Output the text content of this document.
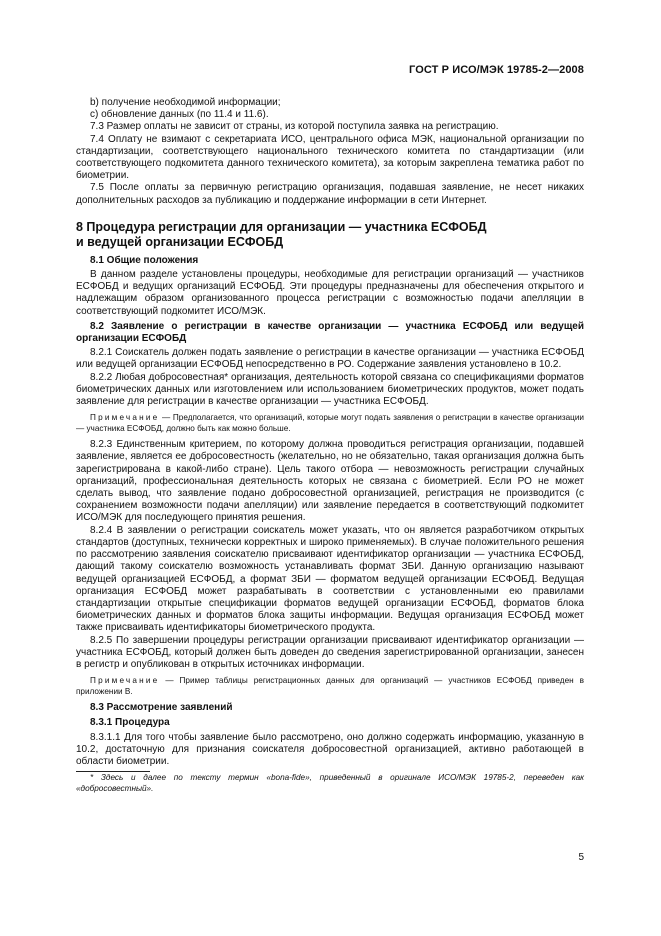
ГОСТ Р ИСО/МЭК 19785-2—2008

b) получение необходимой информации;

c) обновление данных (по 11.4 и 11.6).

7.3 Размер оплаты не зависит от страны, из которой поступила заявка на регистрацию.

7.4 Оплату не взимают с секретариата ИСО, центрального офиса МЭК, национальной организации по стандартизации, соответствующего национального технического комитета по стандартизации (или соответствующего подкомитета данного технического комитета), за которым закреплена тематика работ по биометрии.

7.5 После оплаты за первичную регистрацию организация, подавшая заявление, не несет никаких дополнительных расходов за публикацию и поддержание информации в сети Интернет.

8 Процедура регистрации для организации — участника ЕСФОБД
и ведущей организации ЕСФОБД

8.1 Общие положения

В данном разделе установлены процедуры, необходимые для регистрации организаций — участников ЕСФОБД и ведущих организаций ЕСФОБД. Эти процедуры предназначены для обеспечения открытого и надлежащим образом организованного процесса регистрации с возможностью подачи апелляции в соответствующий подкомитет ИСО/МЭК.

8.2 Заявление о регистрации в качестве организации — участника ЕСФОБД или ведущей организации ЕСФОБД

8.2.1 Соискатель должен подать заявление о регистрации в качестве организации — участника ЕСФОБД или ведущей организации ЕСФОБД непосредственно в РО. Содержание заявления установлено в 10.2.

8.2.2 Любая добросовестная* организация, деятельность которой связана со спецификациями форматов биометрических данных или изготовлением или использованием биометрических продуктов, может подать заявление для регистрации в качестве организации — участника ЕСФОБД.

Примечание — Предполагается, что организаций, которые могут подать заявления о регистрации в качестве организации — участника ЕСФОБД, должно быть как можно больше.

8.2.3 Единственным критерием, по которому должна проводиться регистрация организации, подавшей заявление, является ее добросовестность (желательно, но не обязательно, такая организация должна быть зарегистрирована в какой-либо стране). Цель такого отбора — невозможность регистрации случайных организаций, профессиональная деятельность которых не связана с биометрией. Если РО не может сделать вывод, что заявление подано добросовестной организацией, регистрация не производится (с сохранением возможности подачи апелляции) или заявление передается в соответствующий подкомитет ИСО/МЭК для последующего принятия решения.

8.2.4 В заявлении о регистрации соискатель может указать, что он является разработчиком открытых стандартов (доступных, технически корректных и широко применяемых). В случае положительного решения по рассмотрению заявления соискателю присваивают идентификатор организации — участника ЕСФОБД, дающий такому соискателю возможность устанавливать формат ЗБИ. Данную организацию называют ведущей организацией ЕСФОБД, а формат ЗБИ — форматом ведущей организации ЕСФОБД. Ведущая организация ЕСФОБД может разрабатывать в соответствии с установленными ею правилами стандартизации открытые спецификации форматов ведущей организации ЕСФОБД, форматов блока биометрических данных и форматов блока защиты информации. Ведущая организация ЕСФОБД может также присваивать идентификаторы биометрического продукта.

8.2.5 По завершении процедуры регистрации организации присваивают идентификатор организации — участника ЕСФОБД, который должен быть доведен до сведения зарегистрированной организации, занесен в регистр и опубликован в открытых источниках информации.

Примечание — Пример таблицы регистрационных данных для организаций — участников ЕСФОБД приведен в приложении В.

8.3 Рассмотрение заявлений

8.3.1 Процедура

8.3.1.1 Для того чтобы заявление было рассмотрено, оно должно содержать информацию, указанную в 10.2, достаточную для признания соискателя добросовестной организацией, активно работающей в области биометрии.

* Здесь и далее по тексту термин «bona-fide», приведенный в оригинале ИСО/МЭК 19785-2, переведен как «добросовестный».

5
